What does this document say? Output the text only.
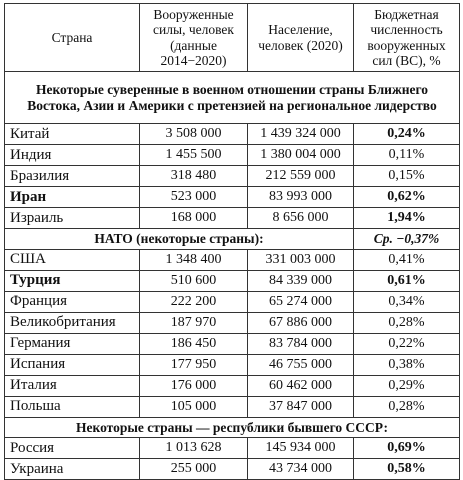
Страна	Вооруженные силы, человек (данные 2014−2020)	Население, человек (2020)	Бюджетная численность вооруженных сил (ВС), %
Некоторые суверенные в военном отношении страны Ближнего Востока, Азии и Америки с претензией на региональное лидерство			
Китай	3 508 000	1 439 324 000	0,24%
Индия	1 455 500	1 380 004 000	0,11%
Бразилия	318 480	212 559 000	0,15%
Иран	523 000	83 993 000	0,62%
Израиль	168 000	8 656 000	1,94%
НАТО (некоторые страны):			Ср. −0,37%
США	1 348 400	331 003 000	0,41%
Турция	510 600	84 339 000	0,61%
Франция	222 200	65 274 000	0,34%
Великобритания	187 970	67 886 000	0,28%
Германия	186 450	83 784 000	0,22%
Испания	177 950	46 755 000	0,38%
Италия	176 000	60 462 000	0,29%
Польша	105 000	37 847 000	0,28%
Некоторые страны — республики бывшего СССР:			
Россия	1 013 628	145 934 000	0,69%
Украина	255 000	43 734 000	0,58%
